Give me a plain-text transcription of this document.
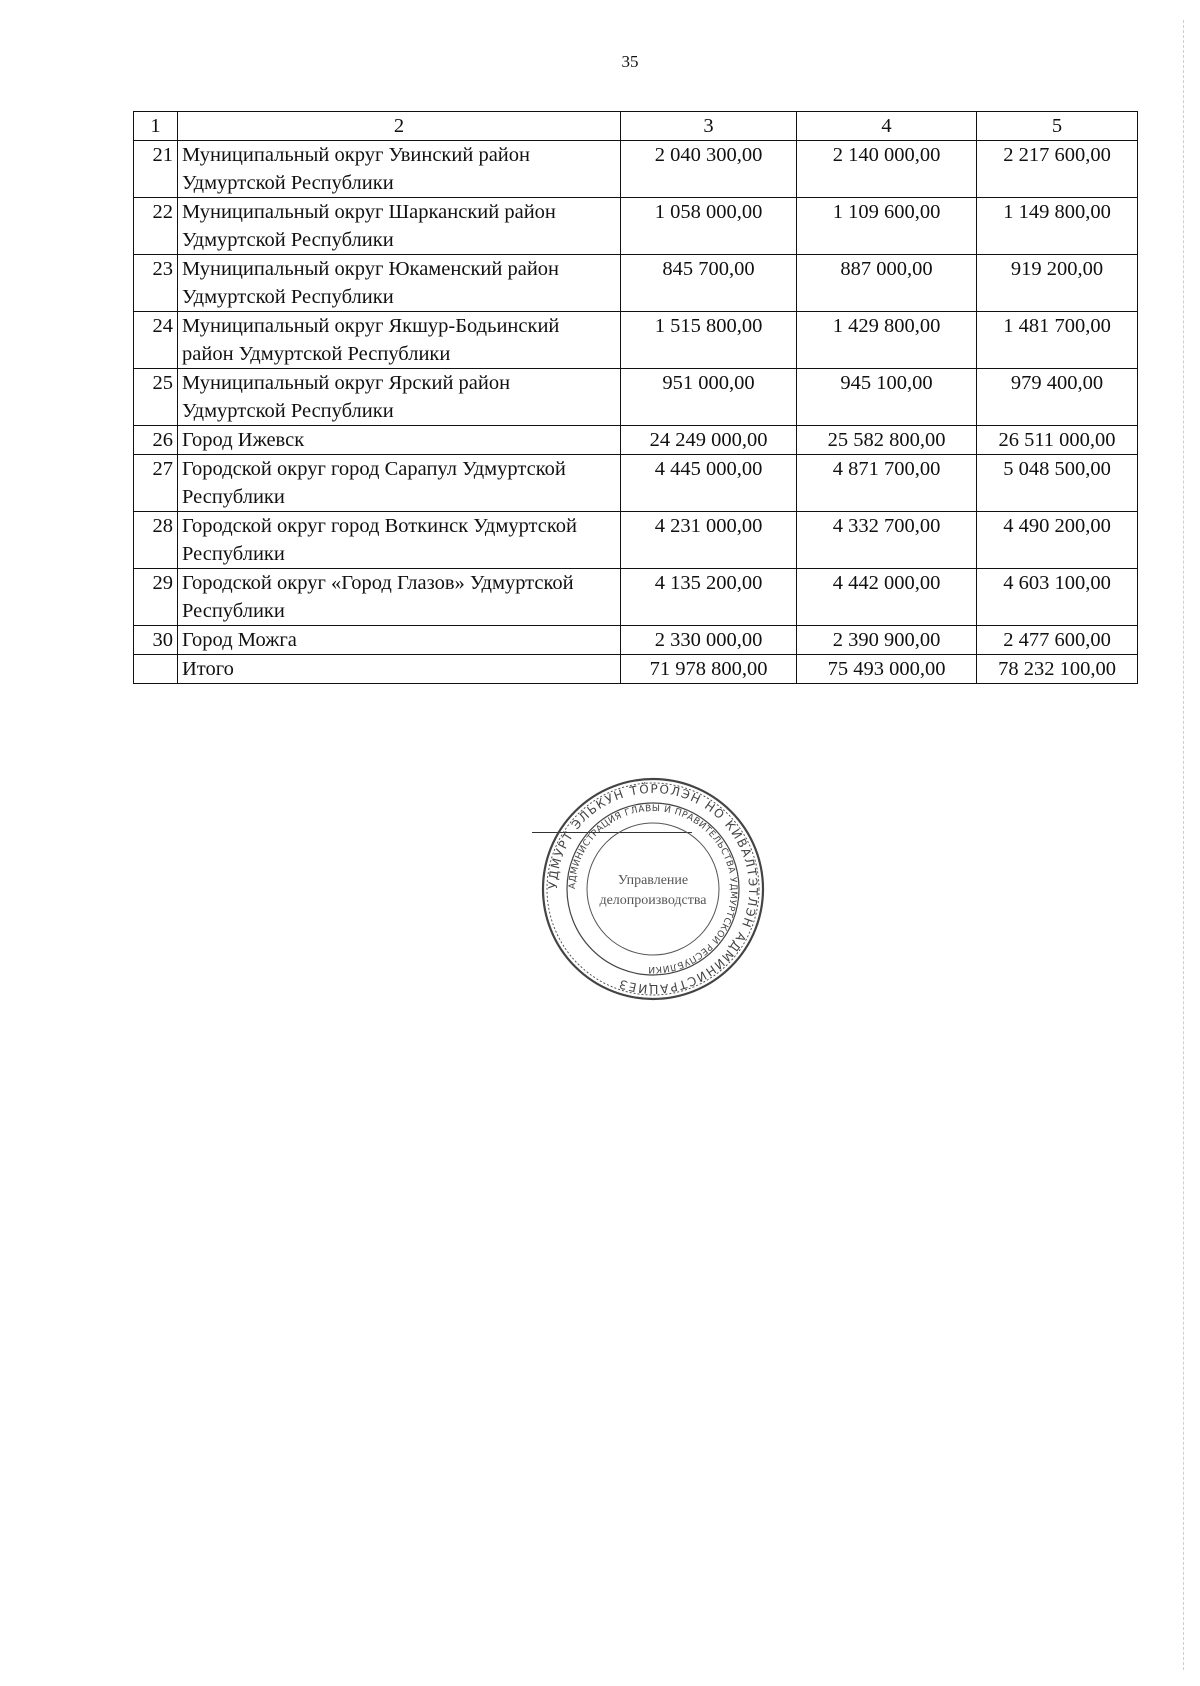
35
1	2	3	4	5
21	Муниципальный округ Увинский район Удмуртской Республики	2 040 300,00	2 140 000,00	2 217 600,00
22	Муниципальный округ Шарканский район Удмуртской Республики	1 058 000,00	1 109 600,00	1 149 800,00
23	Муниципальный округ Юкаменский район Удмуртской Республики	845 700,00	887 000,00	919 200,00
24	Муниципальный округ Якшур-Бодьинский район Удмуртской Республики	1 515 800,00	1 429 800,00	1 481 700,00
25	Муниципальный округ Ярский район Удмуртской Республики	951 000,00	945 100,00	979 400,00
26	Город Ижевск	24 249 000,00	25 582 800,00	26 511 000,00
27	Городской округ город Сарапул Удмуртской Республики	4 445 000,00	4 871 700,00	5 048 500,00
28	Городской округ город Воткинск Удмуртской Республики	4 231 000,00	4 332 700,00	4 490 200,00
29	Городской округ «Город Глазов» Удмуртской Республики	4 135 200,00	4 442 000,00	4 603 100,00
30	Город Можга	2 330 000,00	2 390 900,00	2 477 600,00
	Итого	71 978 800,00	75 493 000,00	78 232 100,00
УДМУРТ ЭЛЬКУН ТӦРОЛЭН НО КИВАЛТЭТЛЭН АДМИНИСТРАЦИЕЗ
АДМИНИСТРАЦИЯ ГЛАВЫ И ПРАВИТЕЛЬСТВА УДМУРТСКОЙ РЕСПУБЛИКИ
Управление
делопроизводства
